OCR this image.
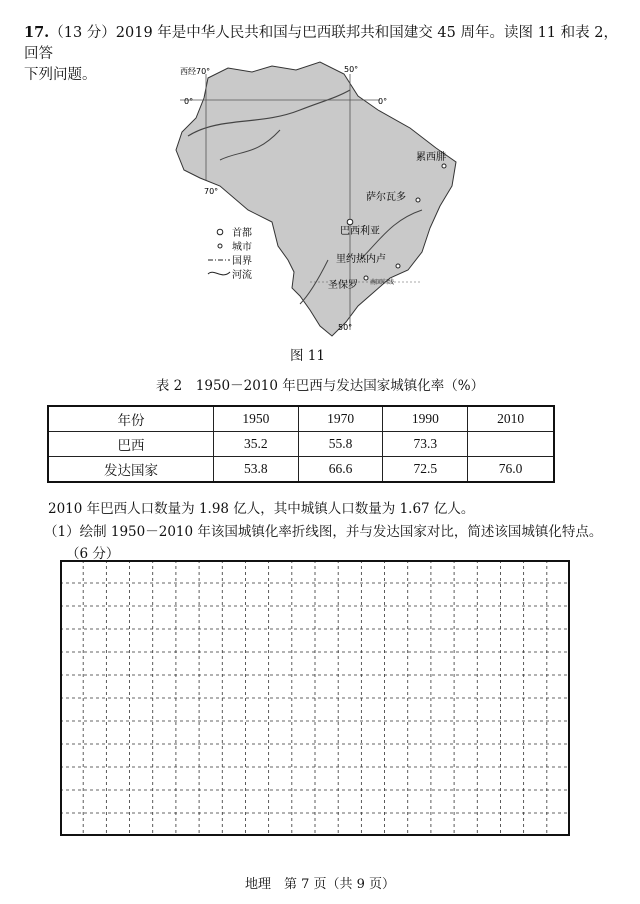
17.（13 分）2019 年是中华人民共和国与巴西联邦共和国建交 45 周年。读图 11 和表 2，回答
下列问题。	西经70°	50°
0°	0°
70°
50°
累西腓
萨尔瓦多
巴西利亚
里约热内卢
圣保罗 南回归线
首都
城市
国界
河流
图 11
表 2　1950－2010 年巴西与发达国家城镇化率（%）
年份	1950	1970	1990	2010
巴西	35.2	55.8	73.3	
发达国家	53.8	66.6	72.5	76.0
2010 年巴西人口数量为 1.98 亿人，其中城镇人口数量为 1.67 亿人。
（1）绘制 1950－2010 年该国城镇化率折线图，并与发达国家对比，简述该国城镇化特点。
（6 分）
地理　第 7 页（共 9 页）
